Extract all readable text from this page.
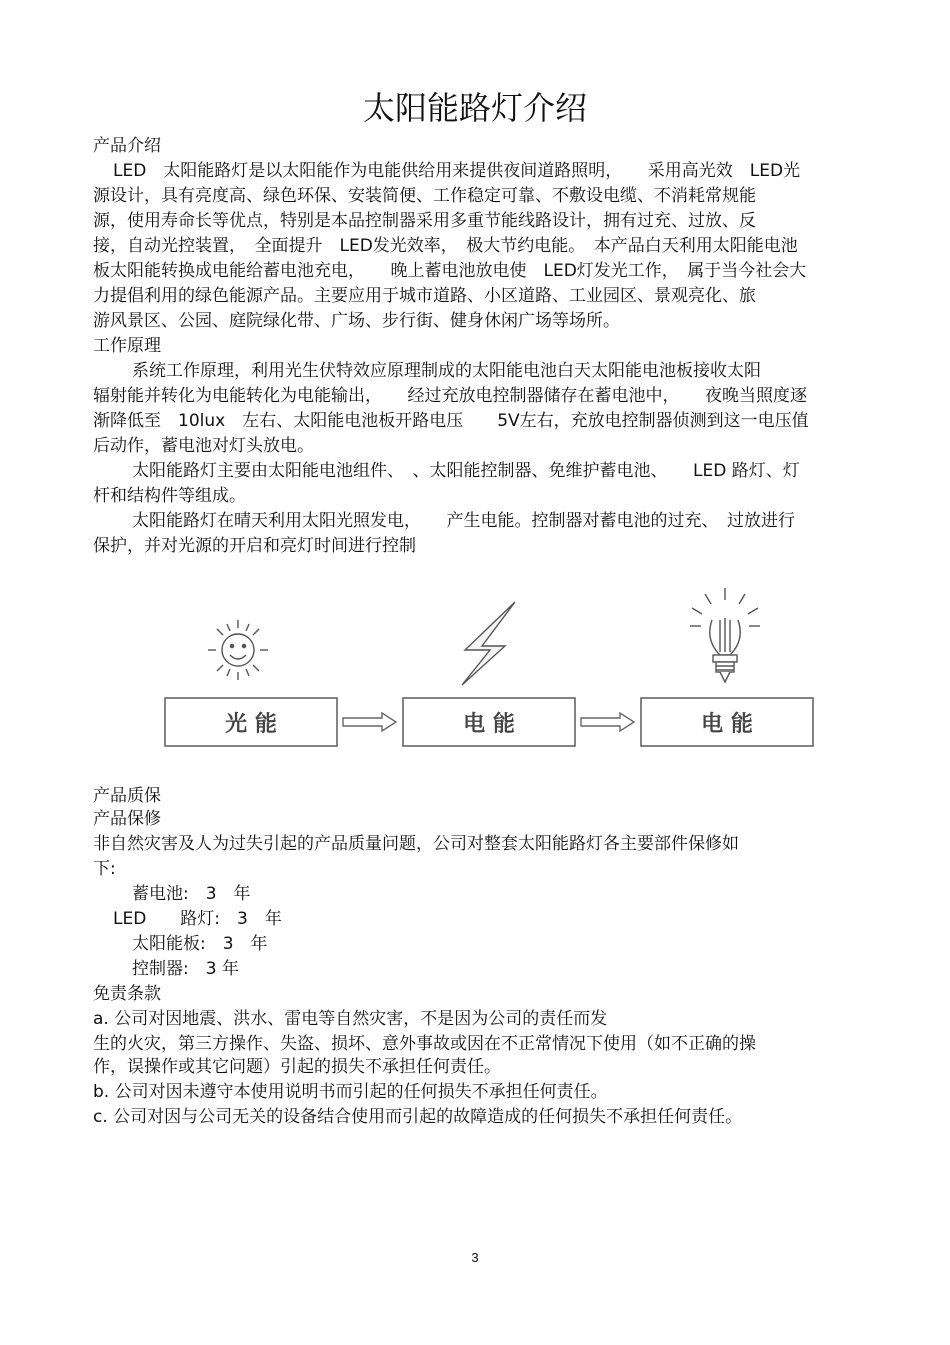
太阳能路灯介绍
产品介绍
LED　太阳能路灯是以太阳能作为电能供给用来提供夜间道路照明，　　采用高光效　LED光
源设计，具有亮度高、绿色环保、安装简便、工作稳定可靠、不敷设电缆、不消耗常规能
源，使用寿命长等优点，特别是本品控制器采用多重节能线路设计，拥有过充、过放、反
接，自动光控装置，　全面提升　LED发光效率，　极大节约电能。　本产品白天利用太阳能电池
板太阳能转换成电能给蓄电池充电，　　晚上蓄电池放电使　LED灯发光工作，　属于当今社会大
力提倡利用的绿色能源产品。主要应用于城市道路、小区道路、工业园区、景观亮化、旅
游风景区、公园、庭院绿化带、广场、步行街、健身休闲广场等场所。
工作原理
系统工作原理，利用光生伏特效应原理制成的太阳能电池白天太阳能电池板接收太阳
辐射能并转化为电能转化为电能输出，　　经过充放电控制器储存在蓄电池中，　　夜晚当照度逐
渐降低至　10lux　左右、太阳能电池板开路电压　　5V左右，充放电控制器侦测到这一电压值
后动作，蓄电池对灯头放电。
太阳能路灯主要由太阳能电池组件、　、太阳能控制器、免维护蓄电池、　　LED 路灯、灯
杆和结构件等组成。
太阳能路灯在晴天利用太阳光照发电，　　产生电能。控制器对蓄电池的过充、　过放进行
保护，并对光源的开启和亮灯时间进行控制
光 能	电 能	电 能
产品质保
产品保修
非自然灾害及人为过失引起的产品质量问题，公司对整套太阳能路灯各主要部件保修如
下:
蓄电池:　3　年
LED　　路灯:　3　年
太阳能板:　3　年
控制器:　3 年
免责条款
a. 公司对因地震、洪水、雷电等自然灾害，不是因为公司的责任而发
生的火灾，第三方操作、失盗、损坏、意外事故或因在不正常情况下使用（如不正确的操
作，误操作或其它问题）引起的损失不承担任何责任。
b. 公司对因未遵守本使用说明书而引起的任何损失不承担任何责任。
c. 公司对因与公司无关的设备结合使用而引起的故障造成的任何损失不承担任何责任。
3
